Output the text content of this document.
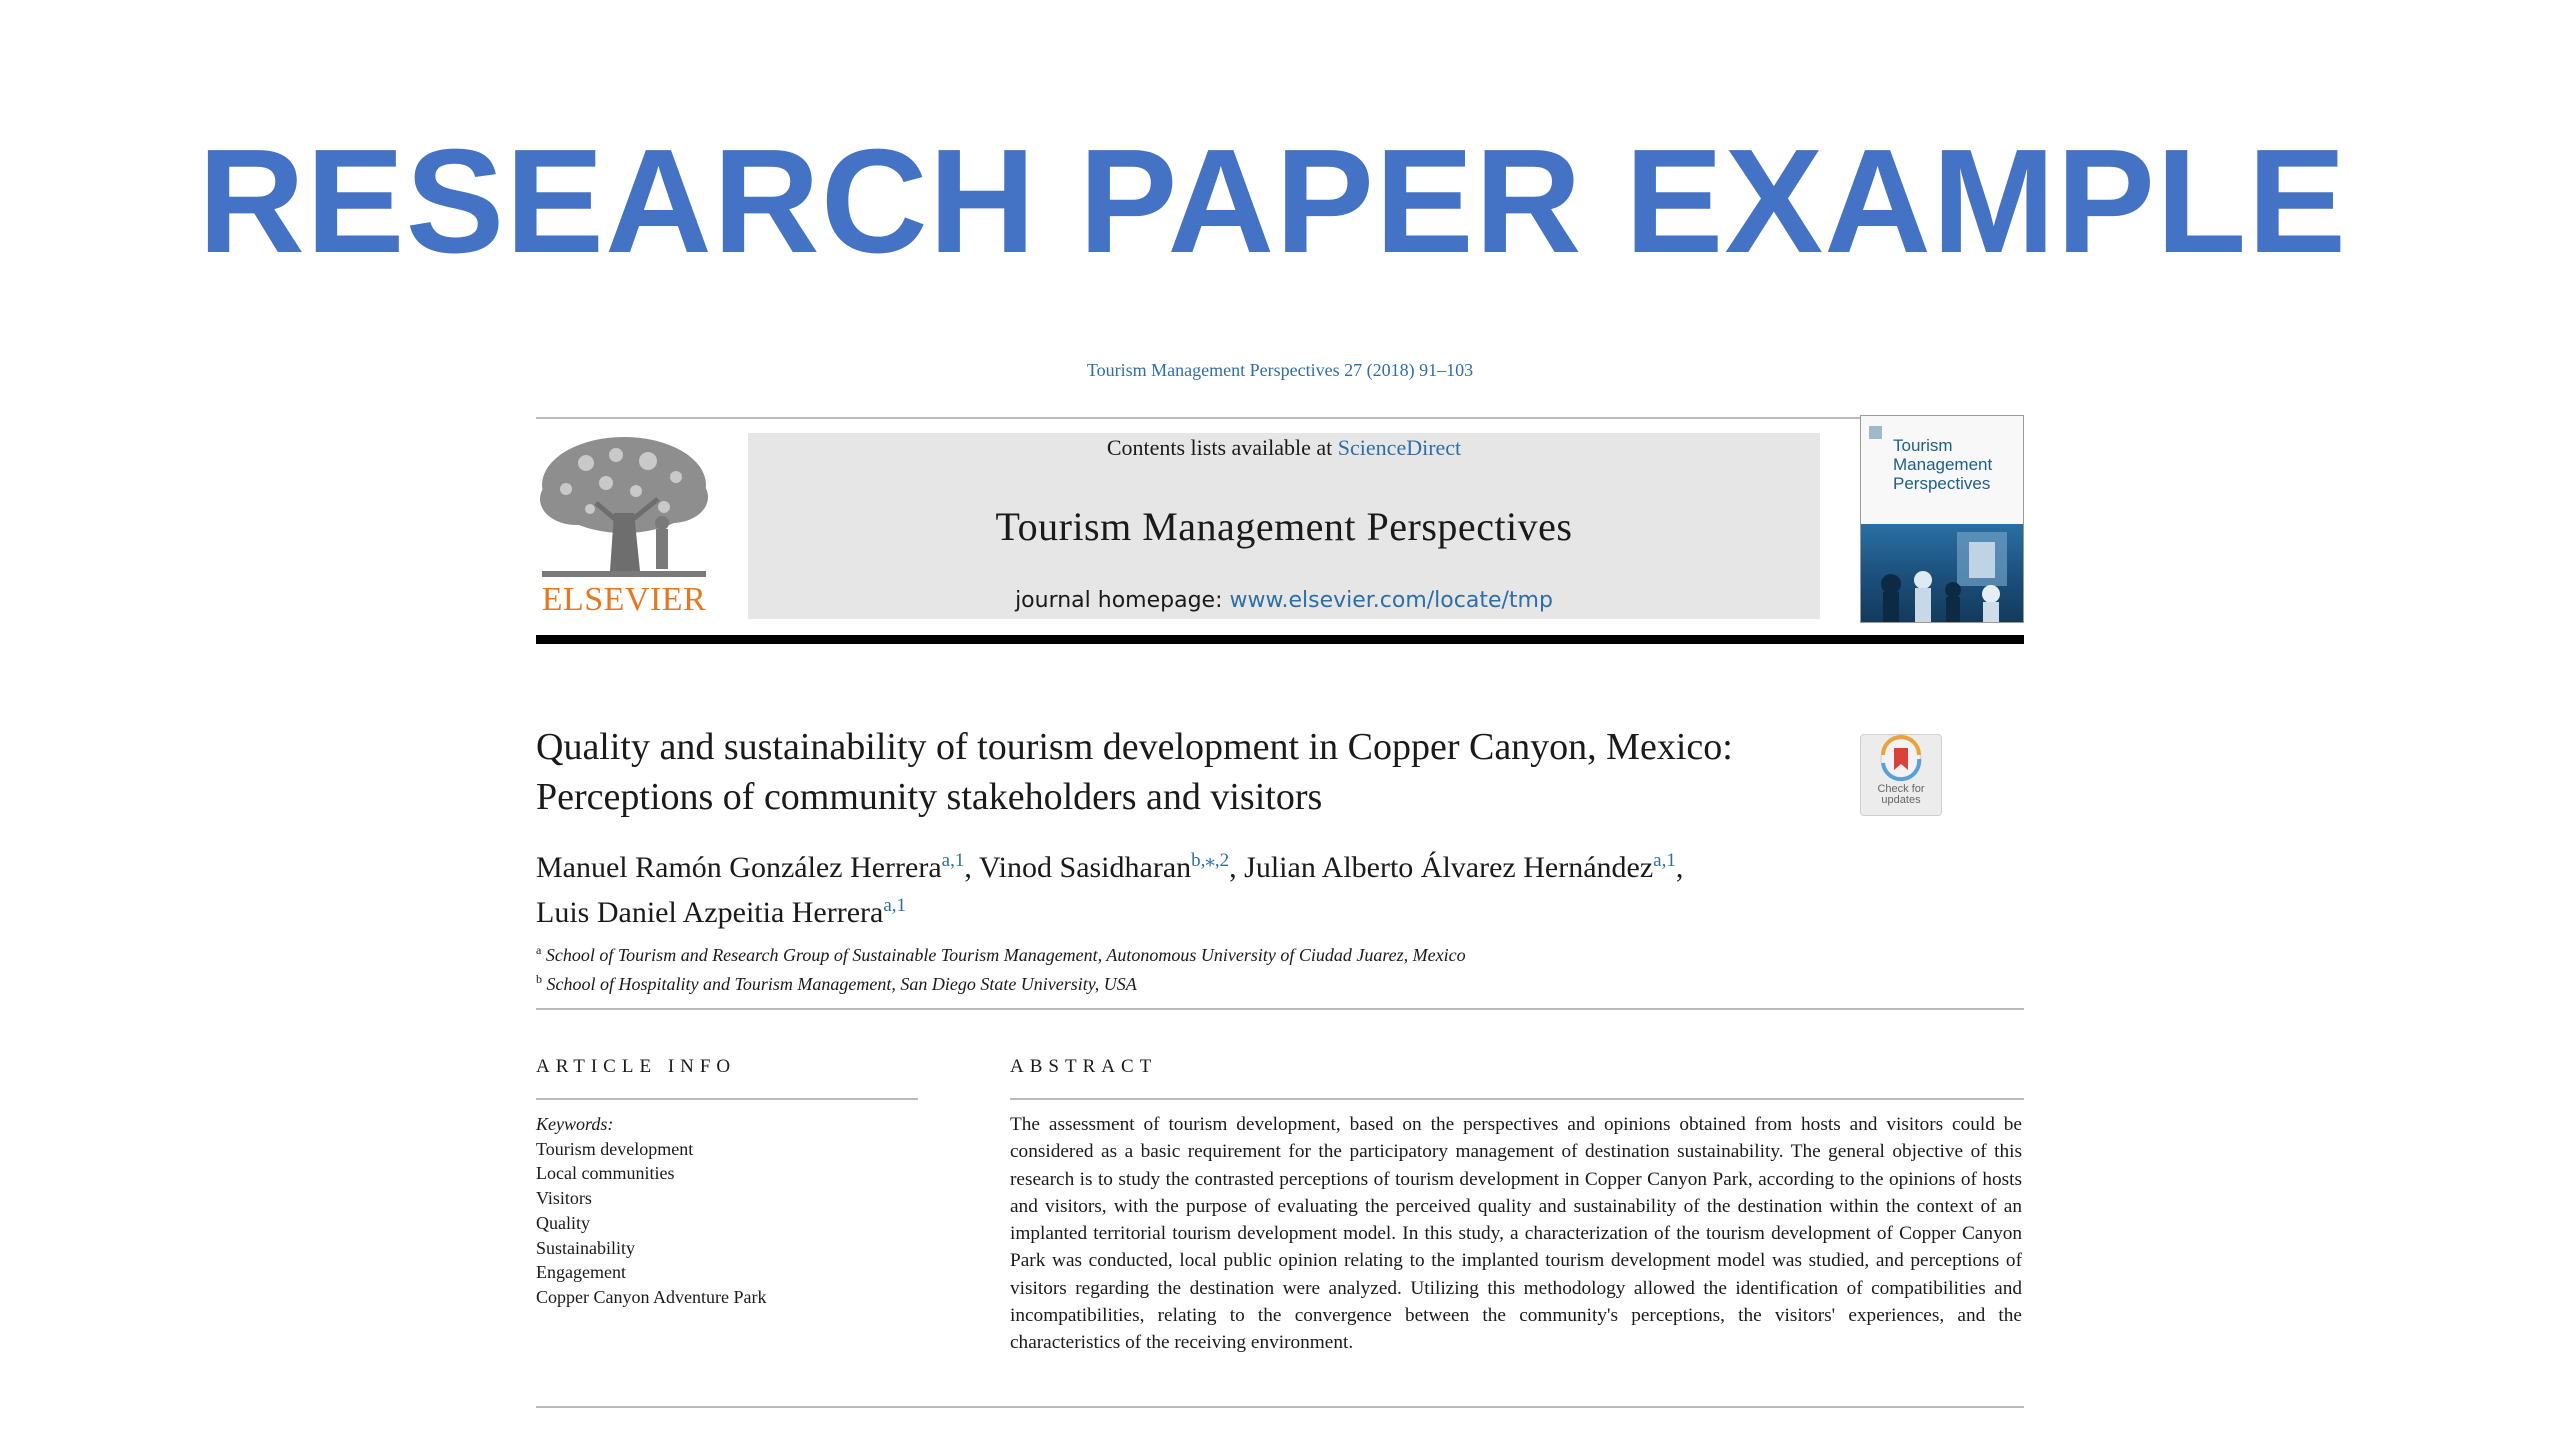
RESEARCH PAPER EXAMPLE
Tourism Management Perspectives 27 (2018) 91–103
ELSEVIER
Contents lists available at ScienceDirect
Tourism Management Perspectives
journal homepage: www.elsevier.com/locate/tmp
Tourism Management Perspectives
Quality and sustainability of tourism development in Copper Canyon, Mexico: Perceptions of community stakeholders and visitors	Check for updates
Manuel Ramón González Herrera$^{a,1}$, Vinod Sasidharan$^{b,⁎,2}$, Julian Alberto Álvarez Hernández$^{a,1}$,
Luis Daniel Azpeitia Herrera$^{a,1}$
$^a$ School of Tourism and Research Group of Sustainable Tourism Management, Autonomous University of Ciudad Juarez, Mexico
$^b$ School of Hospitality and Tourism Management, San Diego State University, USA
ARTICLE INFO	ABSTRACT
Keywords:
Tourism development
Local communities
Visitors
Quality
Sustainability
Engagement
Copper Canyon Adventure Park
The assessment of tourism development, based on the perspectives and opinions obtained from hosts and visitors could be considered as a basic requirement for the participatory management of destination sustainability. The general objective of this research is to study the contrasted perceptions of tourism development in Copper Canyon Park, according to the opinions of hosts and visitors, with the purpose of evaluating the perceived quality and sustainability of the destination within the context of an implanted territorial tourism development model. In this study, a characterization of the tourism development of Copper Canyon Park was conducted, local public opinion relating to the implanted tourism development model was studied, and perceptions of visitors regarding the destination were analyzed. Utilizing this methodology allowed the identification of compatibilities and incompatibilities, relating to the convergence between the community's perceptions, the visitors' experiences, and the characteristics of the receiving environment.
